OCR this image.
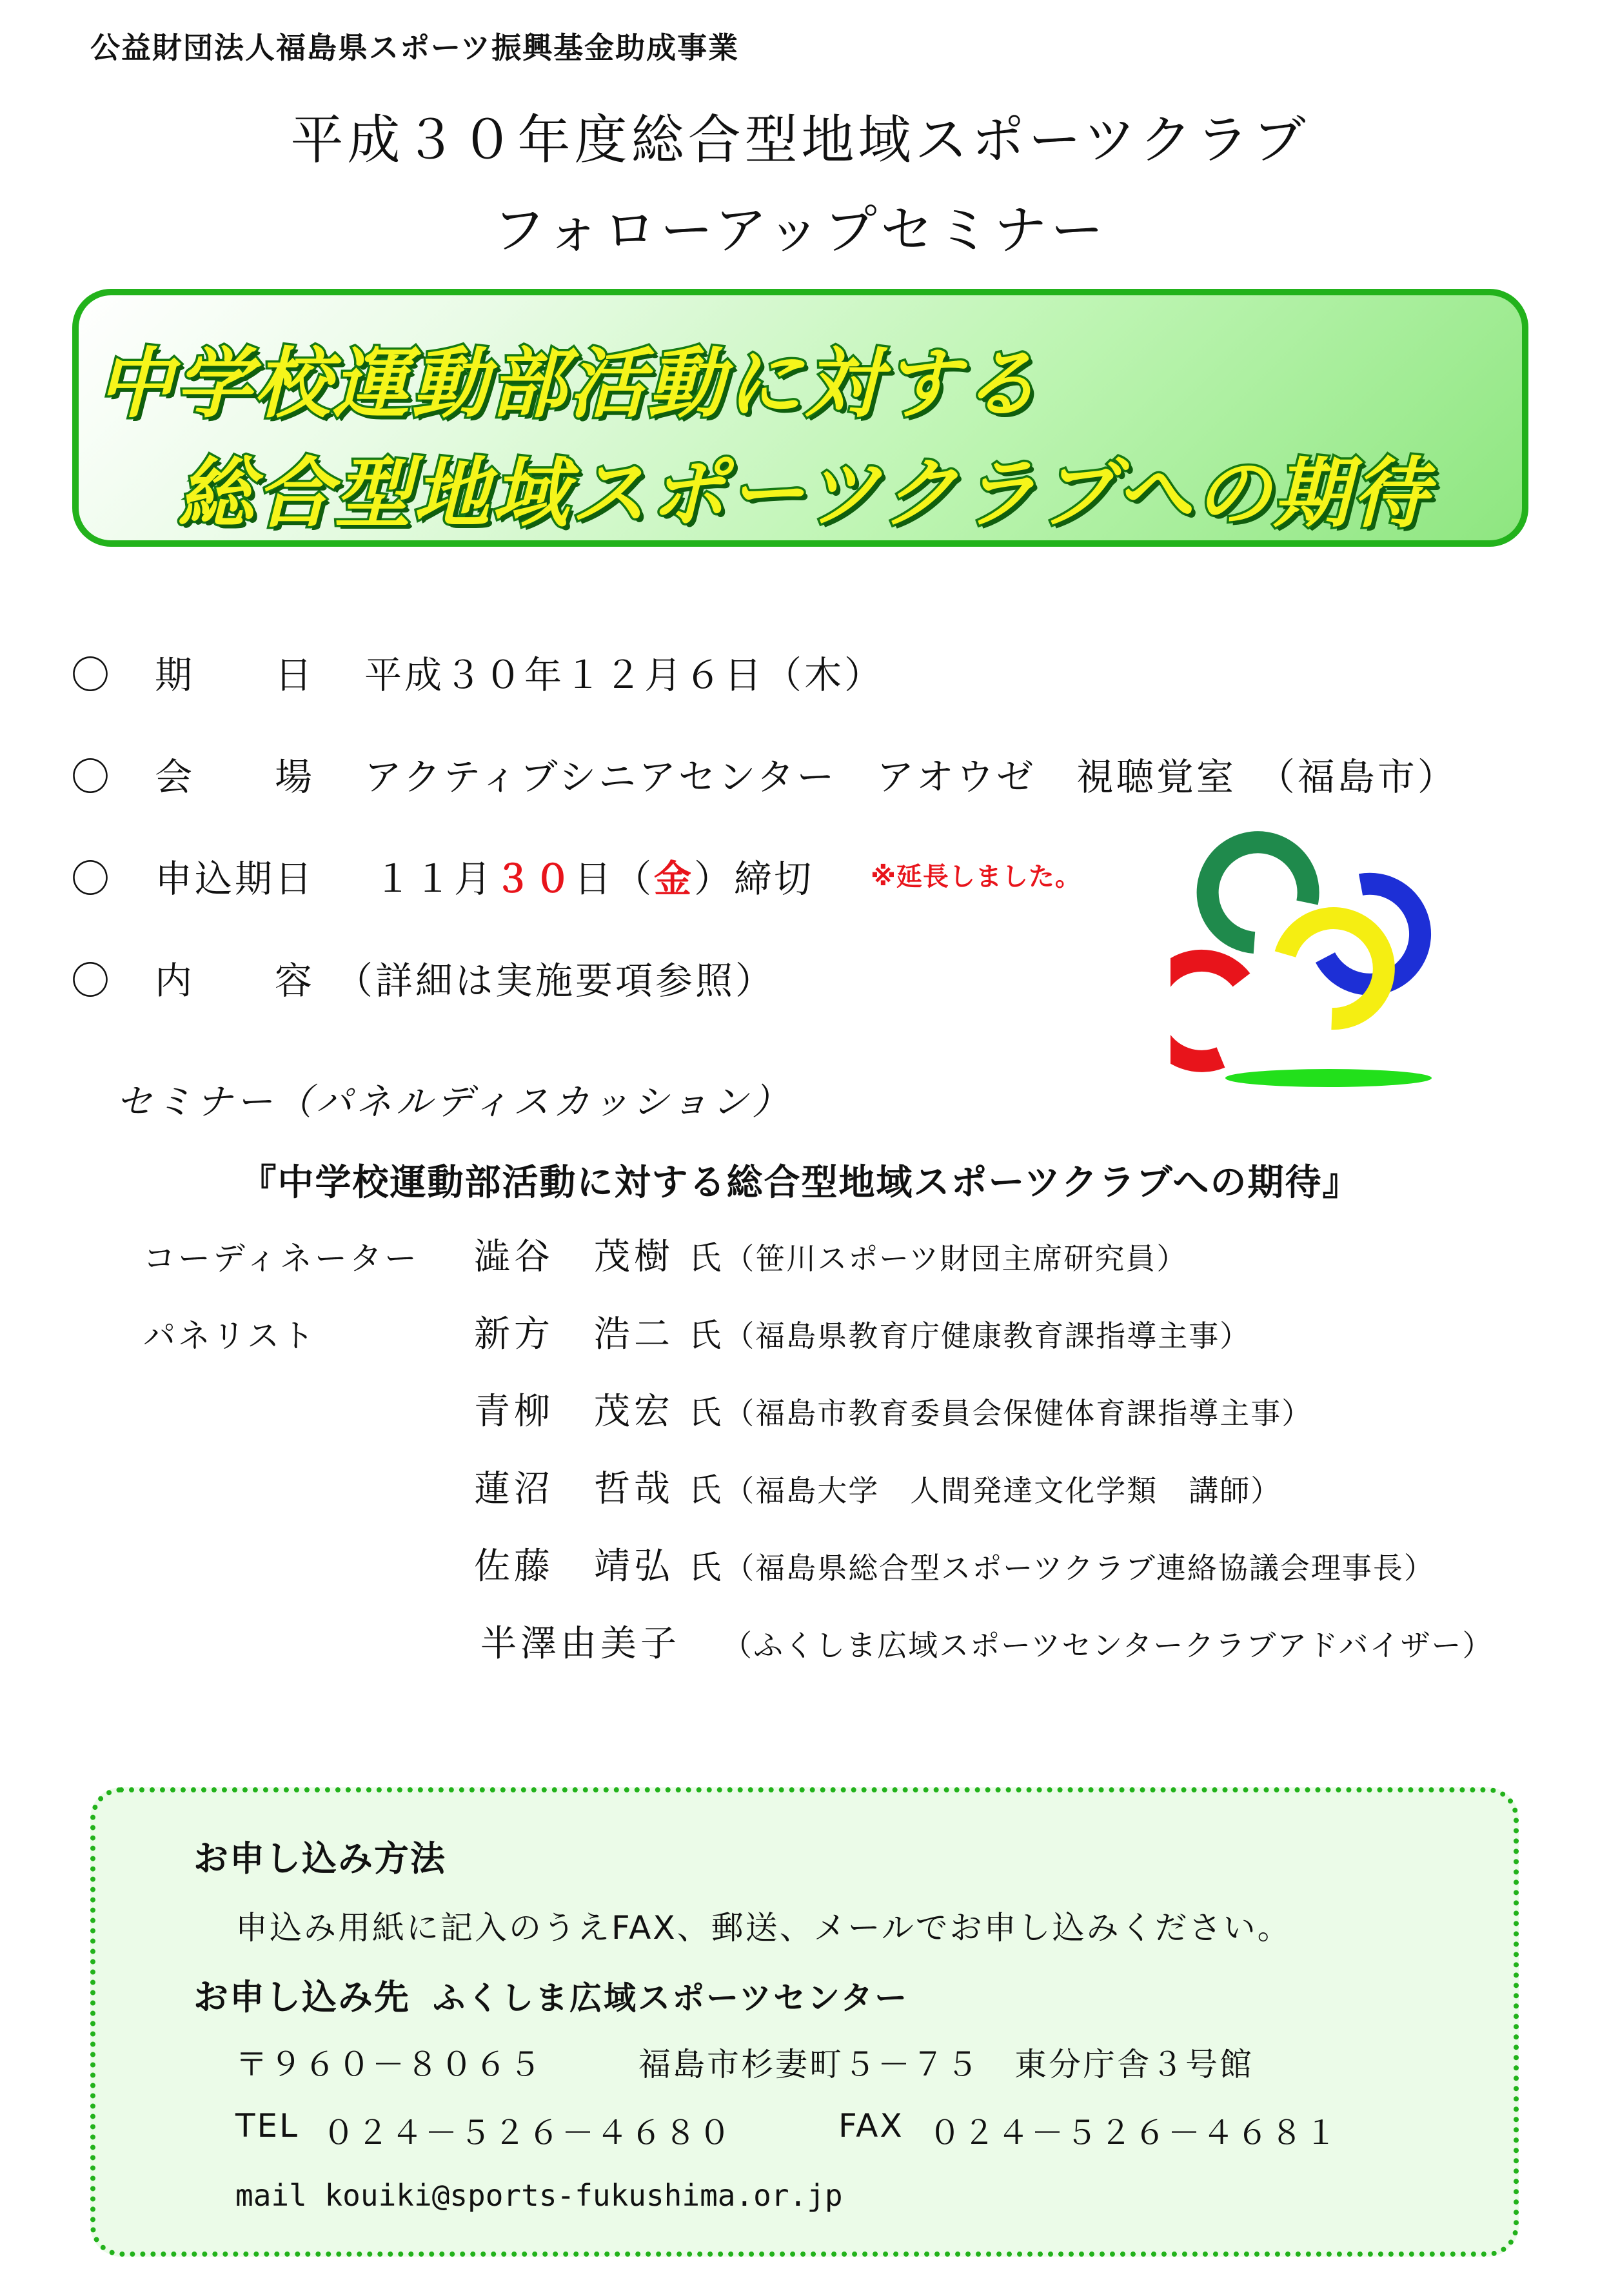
公益財団法人福島県スポーツ振興基金助成事業
平成３０年度総合型地域スポーツクラブ
フォローアップセミナー
中学校運動部活動に対する
総合型地域スポーツクラブへの期待
〇 期　　日 平成３０年１２月６日（木）
〇 会　　場 アクティブシニアセンター　アオウゼ　視聴覚室　（福島市）
〇 申込期日 １１月３０日（金）締切 ※延長しました。
〇 内　　容 （詳細は実施要項参照）
セミナー（パネルディスカッション）
『中学校運動部活動に対する総合型地域スポーツクラブへの期待』
コーディネーター
パネリスト
澁谷　茂樹 氏 （笹川スポーツ財団主席研究員）
新方　浩二 氏 （福島県教育庁健康教育課指導主事）
青柳　茂宏 氏 （福島市教育委員会保健体育課指導主事）
蓮沼　哲哉 氏 （福島大学　人間発達文化学類　講師）
佐藤　靖弘 氏 （福島県総合型スポーツクラブ連絡協議会理事長）
半澤由美子 （ふくしま広域スポーツセンタークラブアドバイザー）
お申し込み方法
申込み用紙に記入のうえFAX、郵送、メールでお申し込みください。
お申し込み先 ふくしま広域スポーツセンター
〒９６０－８０６５	福島市杉妻町５－７５　東分庁舎３号館
TEL ０２４－５２６－４６８０	FAX ０２４－５２６－４６８１
mail kouiki@sports-fukushima.or.jp
